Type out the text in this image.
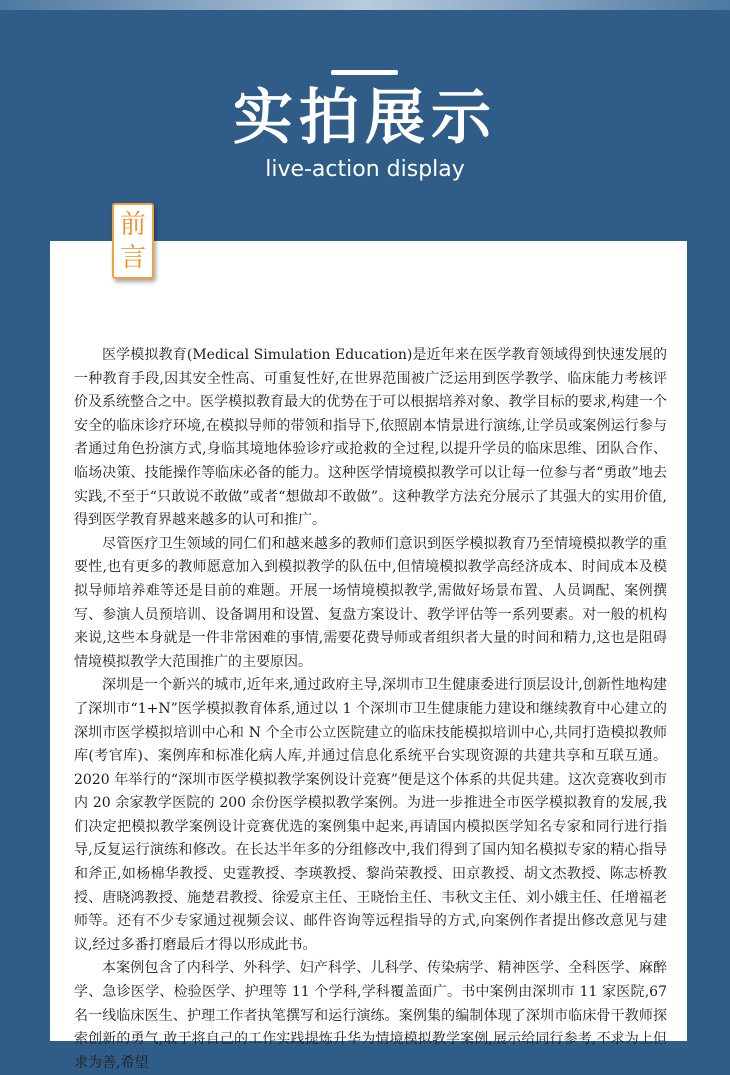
实拍展示
live-action display
前
言

医学模拟教育(Medical Simulation Education)是近年来在医学教育领域得到快速发展的一种教育手段,因其安全性高、可重复性好,在世界范围被广泛运用到医学教学、临床能力考核评价及系统整合之中。医学模拟教育最大的优势在于可以根据培养对象、教学目标的要求,构建一个安全的临床诊疗环境,在模拟导师的带领和指导下,依照剧本情景进行演练,让学员或案例运行参与者通过角色扮演方式,身临其境地体验诊疗或抢救的全过程,以提升学员的临床思维、团队合作、临场决策、技能操作等临床必备的能力。这种医学情境模拟教学可以让每一位参与者“勇敢”地去实践,不至于“只敢说不敢做”或者“想做却不敢做”。这种教学方法充分展示了其强大的实用价值,得到医学教育界越来越多的认可和推广。

尽管医疗卫生领域的同仁们和越来越多的教师们意识到医学模拟教育乃至情境模拟教学的重要性,也有更多的教师愿意加入到模拟教学的队伍中,但情境模拟教学高经济成本、时间成本及模拟导师培养难等还是目前的难题。开展一场情境模拟教学,需做好场景布置、人员调配、案例撰写、参演人员预培训、设备调用和设置、复盘方案设计、教学评估等一系列要素。对一般的机构来说,这些本身就是一件非常困难的事情,需要花费导师或者组织者大量的时间和精力,这也是阻碍情境模拟教学大范围推广的主要原因。

深圳是一个新兴的城市,近年来,通过政府主导,深圳市卫生健康委进行顶层设计,创新性地构建了深圳市“1+N”医学模拟教育体系,通过以 1 个深圳市卫生健康能力建设和继续教育中心建立的深圳市医学模拟培训中心和 N 个全市公立医院建立的临床技能模拟培训中心,共同打造模拟教师库(考官库)、案例库和标准化病人库,并通过信息化系统平台实现资源的共建共享和互联互通。2020 年举行的“深圳市医学模拟教学案例设计竞赛”便是这个体系的共促共建。这次竞赛收到市内 20 余家教学医院的 200 余份医学模拟教学案例。为进一步推进全市医学模拟教育的发展,我们决定把模拟教学案例设计竞赛优选的案例集中起来,再请国内模拟医学知名专家和同行进行指导,反复运行演练和修改。在长达半年多的分组修改中,我们得到了国内知名模拟专家的精心指导和斧正,如杨棉华教授、史霆教授、李瑛教授、黎尚荣教授、田京教授、胡文杰教授、陈志桥教授、唐晓鸿教授、施楚君教授、徐爱京主任、王晓怡主任、韦秋文主任、刘小娥主任、任增福老师等。还有不少专家通过视频会议、邮件咨询等远程指导的方式,向案例作者提出修改意见与建议,经过多番打磨最后才得以形成此书。

本案例包含了内科学、外科学、妇产科学、儿科学、传染病学、精神医学、全科医学、麻醉学、急诊医学、检验医学、护理等 11 个学科,学科覆盖面广。书中案例由深圳市 11 家医院,67 名一线临床医生、护理工作者执笔撰写和运行演练。案例集的编制体现了深圳市临床骨干教师探索创新的勇气,敢于将自己的工作实践提炼升华为情境模拟教学案例,展示给同行参考,不求为上但求为善,希望
